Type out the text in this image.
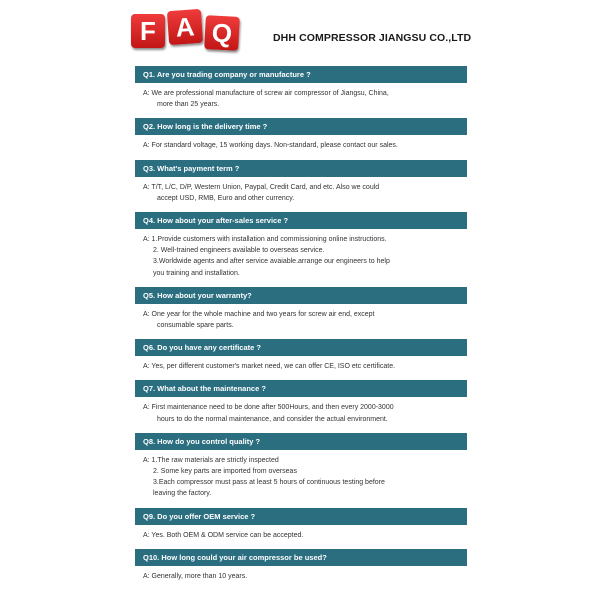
F A Q	DHH COMPRESSOR JIANGSU CO.,LTD
Q1. Are you trading company or manufacture ?
A: We are professional manufacture of screw air compressor of Jiangsu, China,
more than 25 years.
Q2. How long is the delivery time ?
A: For standard voltage, 15 working days. Non-standard, please contact our sales.
Q3. What's payment term ?
A: T/T, L/C, D/P, Western Union, Paypal, Credit Card, and etc. Also we could
accept USD, RMB, Euro and other currency.
Q4. How about your after-sales service ?
A: 1.Provide customers with installation and commissioning online instructions.
2. Well-trained engineers available to overseas service.
3.Worldwide agents and after service avaiable.arrange our engineers to help
you training and installation.
Q5. How about your warranty?
A: One year for the whole machine and two years for screw air end, except
consumable spare parts.
Q6. Do you have any certificate ?
A: Yes, per different customer's market need, we can offer CE, ISO etc certificate.
Q7. What about the maintenance ?
A: First maintenance need to be done after 500Hours, and then every 2000-3000
hours to do the normal maintenance, and consider the actual environment.
Q8. How do you control quality ?
A: 1.The raw materials are strictly inspected
2. Some key parts are imported from overseas
3.Each compressor must pass at least 5 hours of continuous testing before
leaving the factory.
Q9. Do you offer OEM service ?
A: Yes. Both OEM & ODM service can be accepted.
Q10. How long could your air compressor be used?
A: Generally, more than 10 years.
